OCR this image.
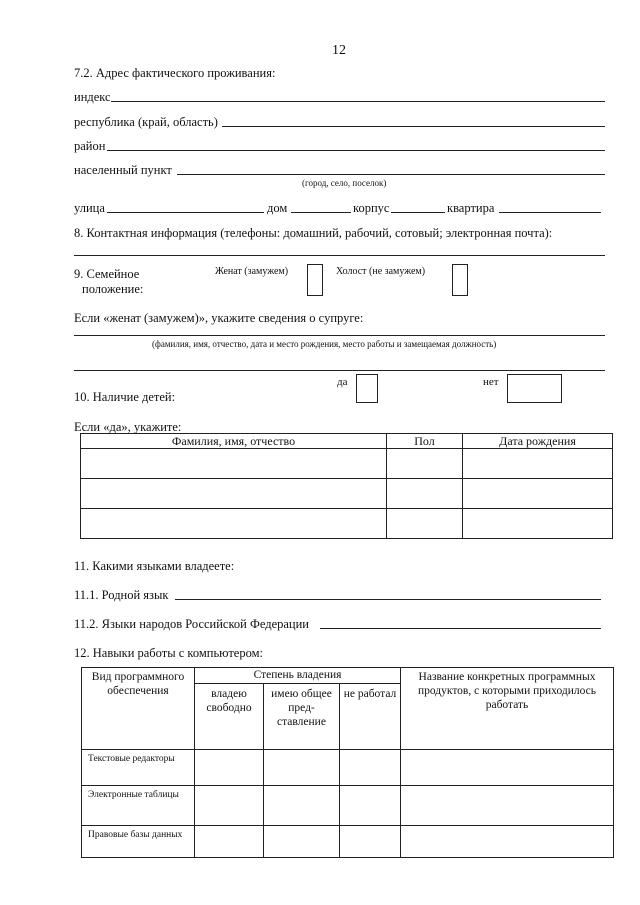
12
7.2. Адрес фактического проживания:
индекс
республика (край, область)
район
населенный пункт
(город, село, поселок)
улица	дом	корпус	квартира
8. Контактная информация (телефоны: домашний, рабочий, сотовый; электронная почта):
9. Семейное
положение:
Женат (замужем)	Холост (не замужем)
Если «женат (замужем)», укажите сведения о супруге:
(фамилия, имя, отчество, дата и место рождения, место работы и замещаемая должность)
да	нет
10. Наличие детей:
Если «да», укажите:
Фамилия, имя, отчество	Пол	Дата рождения

11. Какими языками владеете:
11.1. Родной язык
11.2. Языки народов Российской Федерации
12. Навыки работы с компьютером:
Вид программного обеспечения	Степень владения			Название конкретных программных продуктов, с которыми приходилось работать
	владею свободно	имею общее пред-ставление	не работал	
Текстовые редакторы				
Электронные таблицы				
Правовые базы данных				
